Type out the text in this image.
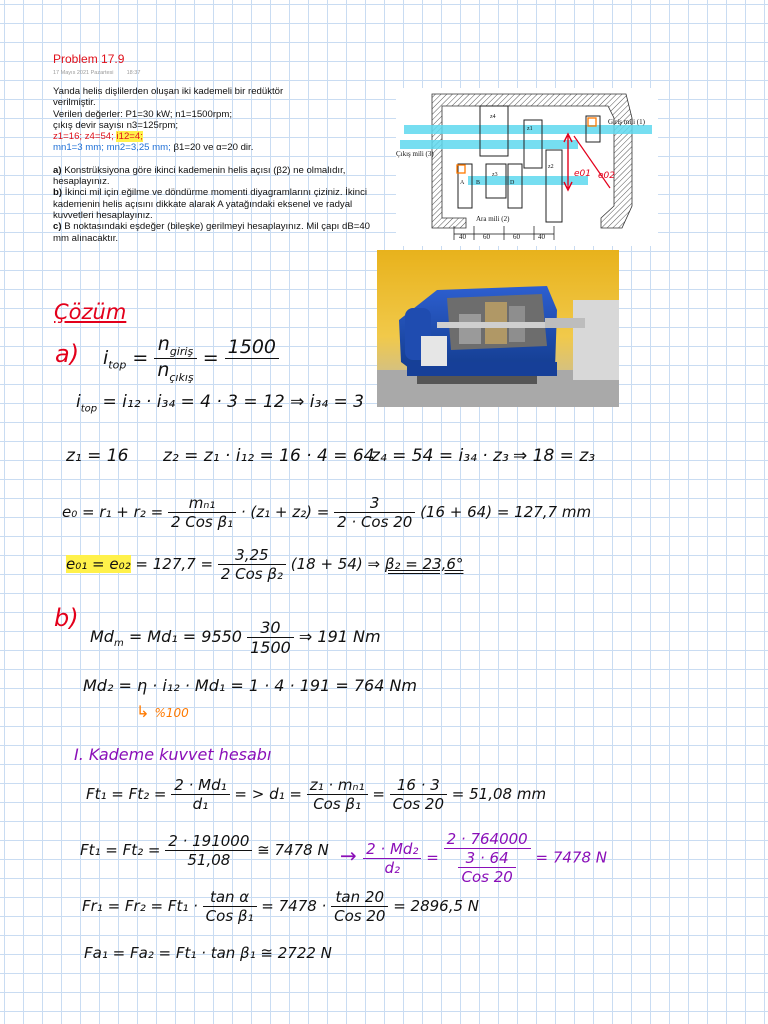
Problem 17.9
17 Mayıs 2021 Pazartesi 18:37

Yanda helis dişlilerden oluşan iki kademeli bir redüktör

verilmiştir.

Verilen değerler: P1=30 kW; n1=1500rpm;

çıkış devir sayısı n3=125rpm;

z1=16; z4=54; i12=4;

mn1=3 mm; mn2=3,25 mm; β1=20 ve α=20 dir.

a) Konstrüksiyona göre ikinci kademenin helis açısı (β2) ne olmalıdır, hesaplayınız.

b) İkinci mil için eğilme ve döndürme momenti diyagramlarını çiziniz. İkinci kademenin helis açısını dikkate alarak A yatağındaki eksenel ve radyal kuvvetleri hesaplayınız.

c) B noktasındaki eşdeğer (bileşke) gerilmeyi hesaplayınız. Mil çapı dB=40 mm alınacaktır.

e01 e02
Giriş mili (1)
Çıkış mili (3)
Ara mili (2)
z4
z1
z2
z3
A B	D
40 60	60	40
Çözüm
a) $i_{top} = \frac{n_{giriş}}{n_{çıkış}} = 1500$

$i_{top} = i_{12} \cdot i_{34} = 4 \cdot 3 = 12$ ⇒ i₃₄ = 3
z₁ = 16 z₂ = z₁ · i₁₂ = 16 · 4 = 64
z₄ = 54 = i₃₄ · z₃ ⇒ 18 = z₃
$e_0 = r_1 + r_2 = \frac{\text{mₙ₁}}{\text{2 Cos β₁}} \cdot (z_1 + z_2) = \frac{3}{\text{2 · Cos 20}} (16 + 64) = 127,7$ mm
$e_{01} = e_{02} = 127,7 = \frac{3,25}{\text{2 Cos β₂}} (18 + 54)$ ⇒ β₂ = 23,6°
b)
$Md_m = Md_1 = 9550 \frac{30}{1500}$ ⇒ 191 Nm
Md₂ = η · i₁₂ · Md₁ = 1 · 4 · 191 = 764 Nm
↳ %100
I. Kademe kuvvet hesabı
$Ft_1 = Ft_2 = \frac{\text{2 · Md₁}}{\text{d₁}}$ = > $d_1 = \frac{\text{z₁ · mₙ₁}}{\text{Cos β₁}} = \frac{16 \cdot 3}{\text{Cos 20}} = 51,08$ mm
$Ft_1 = Ft_2 = \frac{2 \cdot 191000}{51,08}$ ≅ 7478 $N \to \frac{\text{2 · Md₂}}{\text{d₂}} = \frac{2 \cdot 764000}{\frac{3 \cdot 64}{\text{Cos 20}}} = 7478$ N
$Fr_1 = Fr_2 = Ft_1 \cdot \frac{\text{tan α}}{\text{Cos β₁}} = 7478 \cdot \frac{\tan 20}{\text{Cos 20}} = 2896,5$ N
Fa₁ = Fa₂ = Ft₁ · tan β₁ ≅ 2722 N
